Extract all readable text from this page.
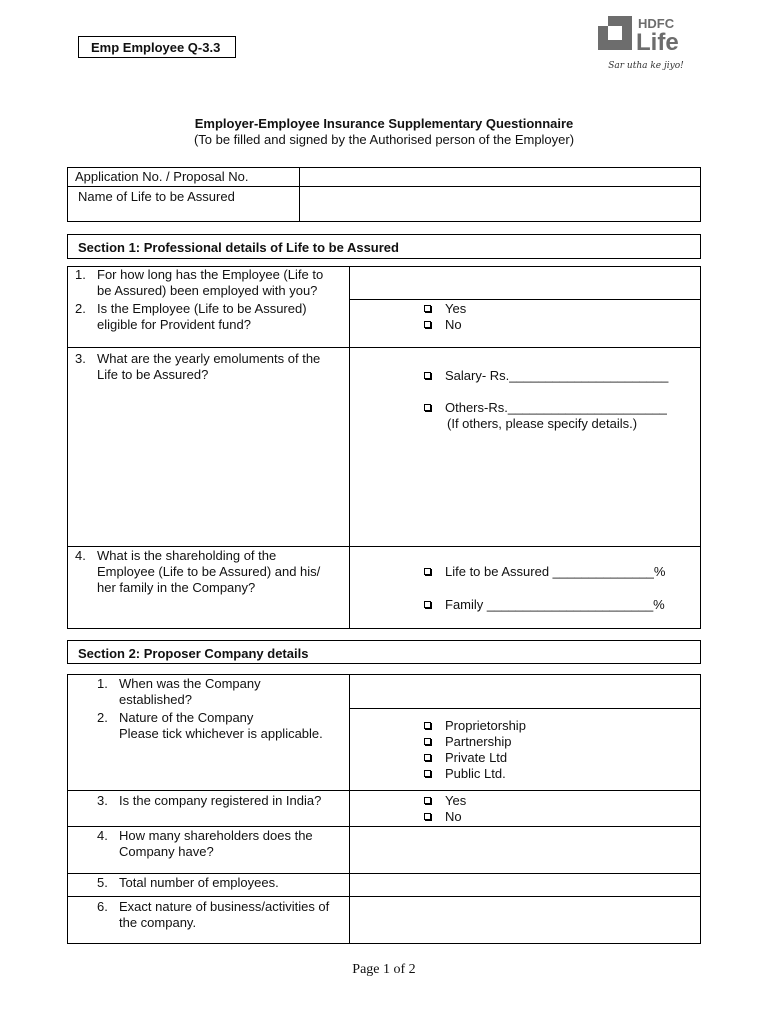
Emp Employee Q-3.3
HDFC
Life
Sar utha ke jiyo!
Employer-Employee Insurance Supplementary Questionnaire
(To be filled and signed by the Authorised person of the Employer)
Application No. / Proposal No.
Name of Life to be Assured
Section 1: Professional details of Life to be Assured
1. For how long has the Employee (Life to
be Assured) been employed with you?
2. Is the Employee (Life to be Assured)
eligible for Provident fund?
Yes
No
3. What are the yearly emoluments of the
Life to be Assured?	Salary- Rs.______________________
Others-Rs.______________________
(If others, please specify details.)
4. What is the shareholding of the
Employee (Life to be Assured) and his/
her family in the Company?
Life to be Assured ______________%
Family _______________________%
Section 2: Proposer Company details
1. When was the Company
established?
2. Nature of the Company
Please tick whichever is applicable.
Proprietorship
Partnership
Private Ltd
Public Ltd.
3. Is the company registered in India?	Yes
No
4. How many shareholders does the
Company have?
5. Total number of employees.
6. Exact nature of business/activities of
the company.
Page 1 of 2
